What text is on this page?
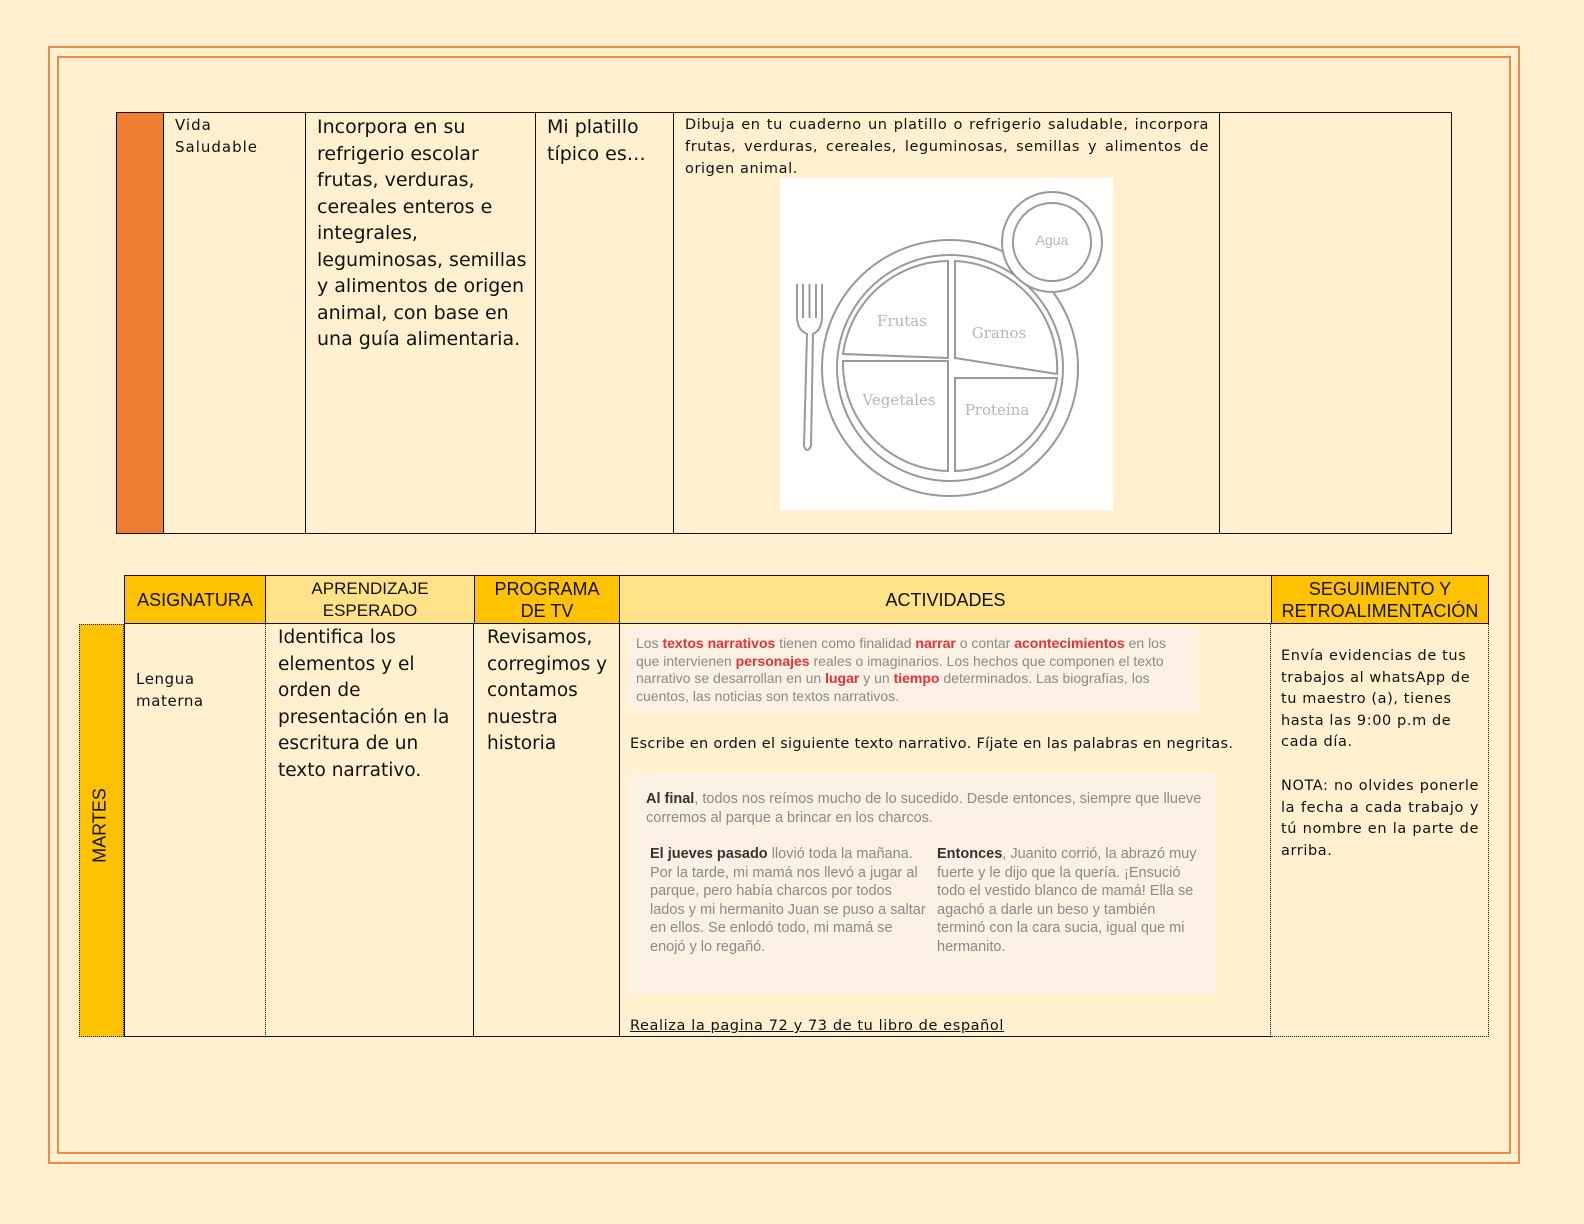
Vida Saludable
Incorpora en su refrigerio escolar frutas, verduras, cereales enteros e integrales, leguminosas, semillas y alimentos de origen animal, con base en una guía alimentaria.
Mi platillo típico es…
Dibuja en tu cuaderno un platillo o refrigerio saludable, incorpora frutas, verduras, cereales, leguminosas, semillas y alimentos de origen animal.
Agua
Frutas
Granos
Vegetales
Proteína
ASIGNATURA
APRENDIZAJE ESPERADO
PROGRAMA DE TV
ACTIVIDADES
SEGUIMIENTO Y RETROALIMENTACIÓN
MARTES
Lengua materna
Identifica los elementos y el orden de presentación en la escritura de un texto narrativo.
Revisamos, corregimos y contamos nuestra historia
Los textos narrativos tienen como finalidad narrar o contar acontecimientos en los que intervienen personajes reales o imaginarios. Los hechos que componen el texto narrativo se desarrollan en un lugar y un tiempo determinados. Las biografías, los cuentos, las noticias son textos narrativos.
Escribe en orden el siguiente texto narrativo. Fíjate en las palabras en negritas.
Al final, todos nos reímos mucho de lo sucedido. Desde entonces, siempre que llueve corremos al parque a brincar en los charcos.
El jueves pasado llovió toda la mañana. Por la tarde, mi mamá nos llevó a jugar al parque, pero había charcos por todos lados y mi hermanito Juan se puso a saltar en ellos. Se enlodó todo, mi mamá se enojó y lo regañó.
Entonces, Juanito corrió, la abrazó muy fuerte y le dijo que la quería. ¡Ensució todo el vestido blanco de mamá! Ella se agachó a darle un beso y también terminó con la cara sucia, igual que mi hermanito.
Realiza la pagina 72 y 73 de tu libro de español
Envía evidencias de tus trabajos al whatsApp de tu maestro (a), tienes hasta las 9:00 p.m de cada día.
NOTA: no olvides ponerle la fecha a cada trabajo y tú nombre en la parte de arriba.
